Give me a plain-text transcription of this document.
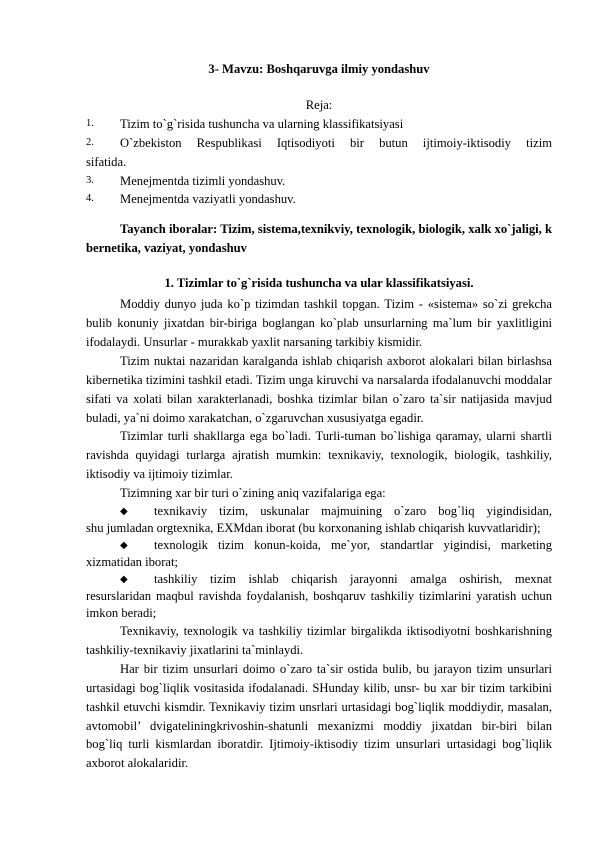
3- Mavzu: Boshqaruvga ilmiy yondashuv

Reja:

1.	Tizim to`g`risida tushuncha va ularning klassifikatsiyasi
2.	O`zbekiston Respublikasi Iqtisodiyoti bir butun ijtimoiy-iktisodiy tizim
sifatida.
3.	Menejmentda tizimli yondashuv.
4.	Menejmentda vaziyatli yondashuv.

Tayanch iboralar: Tizim, sistema,texnikviy, texnologik, biologik, xalk xo`jaligi, k bernetika, vaziyat, yondashuv

1. Tizimlar to`g`risida tushuncha va ular klassifikatsiyasi.

Moddiy dunyo juda ko`p tizimdan tashkil topgan. Tizim - «sistema» so`zi grekcha bulib konuniy jixatdan bir-biriga boglangan ko`plab unsurlarning ma`lum bir yaxlitligini ifodalaydi. Unsurlar - murakkab yaxlit narsaning tarkibiy kismidir.

Tizim nuktai nazaridan karalganda ishlab chiqarish axborot alokalari bilan birlashsa kibernetika tizimini tashkil etadi. Tizim unga kiruvchi va narsalarda ifodalanuvchi moddalar sifati va xolati bilan xarakterlanadi, boshka tizimlar bilan o`zaro ta`sir natijasida mavjud buladi, ya`ni doimo xarakatchan, o`zgaruvchan xususiyatga egadir.

Tizimlar turli shakllarga ega bo`ladi. Turli-tuman bo`lishiga qaramay, ularni shartli ravishda quyidagi turlarga ajratish mumkin: texnikaviy, texnologik, biologik, tashkiliy, iktisodiy va ijtimoiy tizimlar.

Tizimning xar bir turi o`zining aniq vazifalariga ega:

◆	texnikaviy tizim, uskunalar majmuining o`zaro bog`liq yigindisidan,
shu jumladan orgtexnika, EXMdan iborat (bu korxonaning ishlab chiqarish kuvvatlaridir);
◆	texnologik tizim konun-koida, me`yor, standartlar yigindisi, marketing
xizmatidan iborat;
◆	tashkiliy tizim ishlab chiqarish jarayonni amalga oshirish, mexnat
resurslaridan maqbul ravishda foydalanish, boshqaruv tashkiliy tizimlarini yaratish uchun imkon beradi;

Texnikaviy, texnologik va tashkiliy tizimlar birgalikda iktisodiyotni boshkarishning tashkiliy-texnikaviy jixatlarini ta`minlaydi.

Har bir tizim unsurlari doimo o`zaro ta`sir ostida bulib, bu jarayon tizim unsurlari urtasidagi bog`liqlik vositasida ifodalanadi. SHunday kilib, unsr- bu xar bir tizim tarkibini tashkil etuvchi kismdir. Texnikaviy tizim unsrlari urtasidagi bog`liqlik moddiydir, masalan, avtomobil’ dvigateliningkrivoshin-shatunli mexanizmi moddiy jixatdan bir-biri bilan bog`liq turli kismlardan iboratdir. Ijtimoiy-iktisodiy tizim unsurlari urtasidagi bog`liqlik axborot alokalaridir.
